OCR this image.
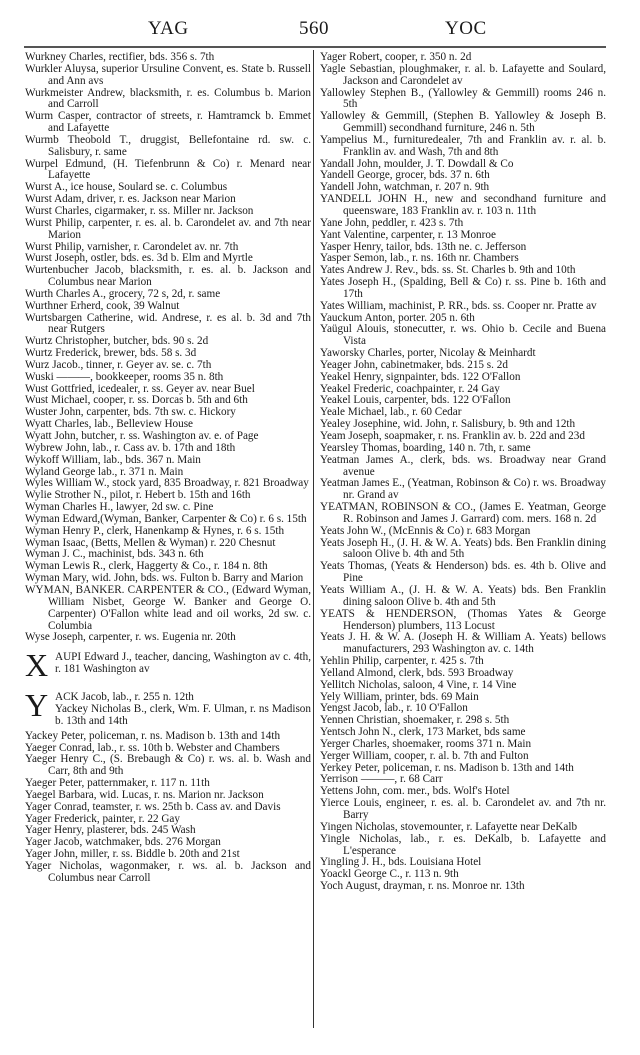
YAG	560	YOC
Wurkney Charles, rectifier, bds. 356 s. 7th
Wurkler Aluysa, superior Ursuline Convent, es. State b. Russell and Ann avs
Wurkmeister Andrew, blacksmith, r. es. Columbus b. Marion and Carroll
Wurm Casper, contractor of streets, r. Hamtramck b. Emmet and Lafayette
Wurmb Theobold T., druggist, Bellefontaine rd. sw. c. Salisbury, r. same
Wurpel Edmund, (H. Tiefenbrunn & Co) r. Menard near Lafayette
Wurst A., ice house, Soulard se. c. Columbus
Wurst Adam, driver, r. es. Jackson near Marion
Wurst Charles, cigarmaker, r. ss. Miller nr. Jackson
Wurst Philip, carpenter, r. es. al. b. Carondelet av. and 7th near Marion
Wurst Philip, varnisher, r. Carondelet av. nr. 7th
Wurst Joseph, ostler, bds. es. 3d b. Elm and Myrtle
Wurtenbucher Jacob, blacksmith, r. es. al. b. Jackson and Columbus near Marion
Wurth Charles A., grocery, 72 s, 2d, r. same
Wurthner Erherd, cook, 39 Walnut
Wurtsbargen Catherine, wid. Andrese, r. es al. b. 3d and 7th near Rutgers
Wurtz Christopher, butcher, bds. 90 s. 2d
Wurtz Frederick, brewer, bds. 58 s. 3d
Wurz Jacob., tinner, r. Geyer av. se. c. 7th
Wuski ———, bookkeeper, rooms 35 n. 8th
Wust Gottfried, icedealer, r. ss. Geyer av. near Buel
Wust Michael, cooper, r. ss. Dorcas b. 5th and 6th
Wuster John, carpenter, bds. 7th sw. c. Hickory
Wyatt Charles, lab., Belleview House
Wyatt John, butcher, r. ss. Washington av. e. of Page
Wybrew John, lab., r. Cass av. b. 17th and 18th
Wykoff William, lab., bds. 367 n. Main
Wyland George lab., r. 371 n. Main
Wyles William W., stock yard, 835 Broadway, r. 821 Broadway
Wylie Strother N., pilot, r. Hebert b. 15th and 16th
Wyman Charles H., lawyer, 2d sw. c. Pine
Wyman Edward,(Wyman, Banker, Carpenter & Co) r. 6 s. 15th
Wyman Henry P., clerk, Hanenkamp & Hynes, r. 6 s. 15th
Wyman Isaac, (Betts, Mellen & Wyman) r. 220 Chesnut
Wyman J. C., machinist, bds. 343 n. 6th
Wyman Lewis R., clerk, Haggerty & Co., r. 184 n. 8th
Wyman Mary, wid. John, bds. ws. Fulton b. Barry and Marion
WYMAN, BANKER. CARPENTER & CO., (Edward Wyman, William Nisbet, George W. Banker and George O. Carpenter) O'Fallon white lead and oil works, 2d sw. c. Columbia
Wyse Joseph, carpenter, r. ws. Eugenia nr. 20th
X AUPI Edward J., teacher, dancing, Washington av c. 4th, r. 181 Washington av
Y ACK Jacob, lab., r. 255 n. 12th
Yackey Nicholas B., clerk, Wm. F. Ulman, r. ns Madison b. 13th and 14th
Yackey Peter, policeman, r. ns. Madison b. 13th and 14th
Yaeger Conrad, lab., r. ss. 10th b. Webster and Chambers
Yaeger Henry C., (S. Brebaugh & Co) r. ws. al. b. Wash and Carr, 8th and 9th
Yaeger Peter, patternmaker, r. 117 n. 11th
Yaegel Barbara, wid. Lucas, r. ns. Marion nr. Jackson
Yager Conrad, teamster, r. ws. 25th b. Cass av. and Davis
Yager Frederick, painter, r. 22 Gay
Yager Henry, plasterer, bds. 245 Wash
Yager Jacob, watchmaker, bds. 276 Morgan
Yager John, miller, r. ss. Biddle b. 20th and 21st
Yager Nicholas, wagonmaker, r. ws. al. b. Jackson and Columbus near Carroll
Yager Robert, cooper, r. 350 n. 2d
Yagle Sebastian, ploughmaker, r. al. b. Lafayette and Soulard, Jackson and Carondelet av
Yallowley Stephen B., (Yallowley & Gemmill) rooms 246 n. 5th
Yallowley & Gemmill, (Stephen B. Yallowley & Joseph B. Gemmill) secondhand furniture, 246 n. 5th
Yampelius M., furnituredealer, 7th and Franklin av. r. al. b. Franklin av. and Wash, 7th and 8th
Yandall John, moulder, J. T. Dowdall & Co
Yandell George, grocer, bds. 37 n. 6th
Yandell John, watchman, r. 207 n. 9th
YANDELL JOHN H., new and secondhand furniture and queensware, 183 Franklin av. r. 103 n. 11th
Yane John, peddler, r. 423 s. 7th
Yant Valentine, carpenter, r. 13 Monroe
Yasper Henry, tailor, bds. 13th ne. c. Jefferson
Yasper Semon, lab., r. ns. 16th nr. Chambers
Yates Andrew J. Rev., bds. ss. St. Charles b. 9th and 10th
Yates Joseph H., (Spalding, Bell & Co) r. ss. Pine b. 16th and 17th
Yates William, machinist, P. RR., bds. ss. Cooper nr. Pratte av
Yauckum Anton, porter. 205 n. 6th
Yaügul Alouis, stonecutter, r. ws. Ohio b. Cecile and Buena Vista
Yaworsky Charles, porter, Nicolay & Meinhardt
Yeager John, cabinetmaker, bds. 215 s. 2d
Yeakel Henry, signpainter, bds. 122 O'Fallon
Yeakel Frederic, coachpainter, r. 24 Gay
Yeakel Louis, carpenter, bds. 122 O'Fallon
Yeale Michael, lab., r. 60 Cedar
Yealey Josephine, wid. John, r. Salisbury, b. 9th and 12th
Yeam Joseph, soapmaker, r. ns. Franklin av. b. 22d and 23d
Yearsley Thomas, boarding, 140 n. 7th, r. same
Yeatman James A., clerk, bds. ws. Broadway near Grand avenue
Yeatman James E., (Yeatman, Robinson & Co) r. ws. Broadway nr. Grand av
YEATMAN, ROBINSON & CO., (James E. Yeatman, George R. Robinson and James J. Garrard) com. mers. 168 n. 2d
Yeats John W., (McEnnis & Co) r. 683 Morgan
Yeats Joseph H., (J. H. & W. A. Yeats) bds. Ben Franklin dining saloon Olive b. 4th and 5th
Yeats Thomas, (Yeats & Henderson) bds. es. 4th b. Olive and Pine
Yeats William A., (J. H. & W. A. Yeats) bds. Ben Franklin dining saloon Olive b. 4th and 5th
YEATS & HENDERSON, (Thomas Yates & George Henderson) plumbers, 113 Locust
Yeats J. H. & W. A. (Joseph H. & William A. Yeats) bellows manufacturers, 293 Washington av. c. 14th
Yehlin Philip, carpenter, r. 425 s. 7th
Yelland Almond, clerk, bds. 593 Broadway
Yellitch Nicholas, saloon, 4 Vine, r. 14 Vine
Yely William, printer, bds. 69 Main
Yengst Jacob, lab., r. 10 O'Fallon
Yennen Christian, shoemaker, r. 298 s. 5th
Yentsch John N., clerk, 173 Market, bds same
Yerger Charles, shoemaker, rooms 371 n. Main
Yerger William, cooper, r. al. b. 7th and Fulton
Yerkey Peter, policeman, r. ns. Madison b. 13th and 14th
Yerrison ———, r. 68 Carr
Yettens John, com. mer., bds. Wolf's Hotel
Yierce Louis, engineer, r. es. al. b. Carondelet av. and 7th nr. Barry
Yingen Nicholas, stovemounter, r. Lafayette near DeKalb
Yingle Nicholas, lab., r. es. DeKalb, b. Lafayette and L'esperance
Yingling J. H., bds. Louisiana Hotel
Yoackl George C., r. 113 n. 9th
Yoch August, drayman, r. ns. Monroe nr. 13th
